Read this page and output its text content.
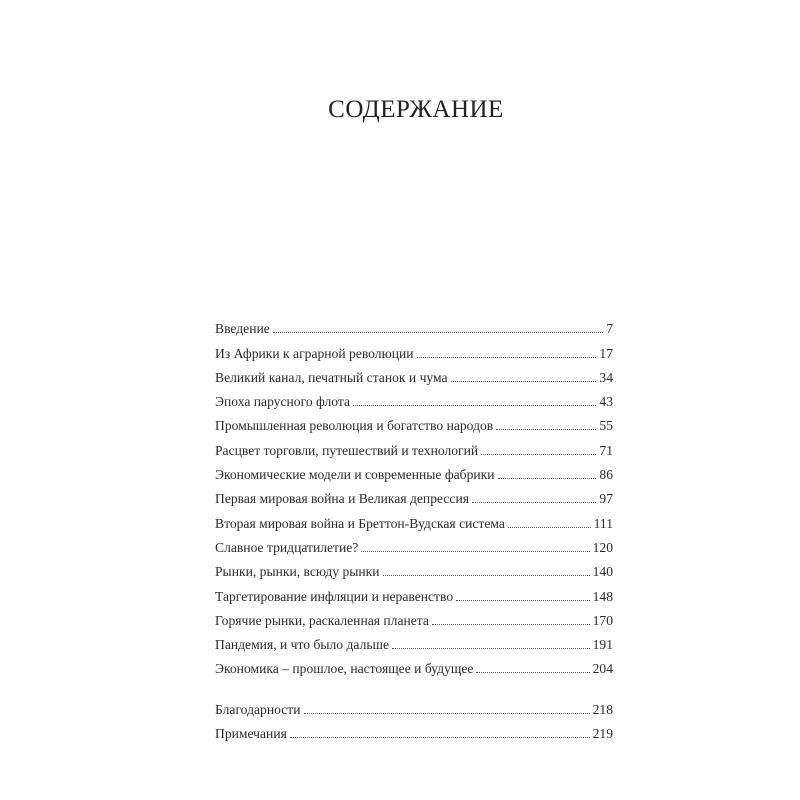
СОДЕРЖАНИЕ
Введение	7
Из Африки к аграрной революции	17
Великий канал, печатный станок и чума	34
Эпоха парусного флота	43
Промышленная революция и богатство народов	55
Расцвет торговли, путешествий и технологий	71
Экономические модели и современные фабрики	86
Первая мировая война и Великая депрессия	97
Вторая мировая война и Бреттон-Вудская система	111
Славное тридцатилетие?	120
Рынки, рынки, всюду рынки	140
Таргетирование инфляции и неравенство	148
Горячие рынки, раскаленная планета	170
Пандемия, и что было дальше	191
Экономика – прошлое, настоящее и будущее	204
Благодарности	218
Примечания	219
